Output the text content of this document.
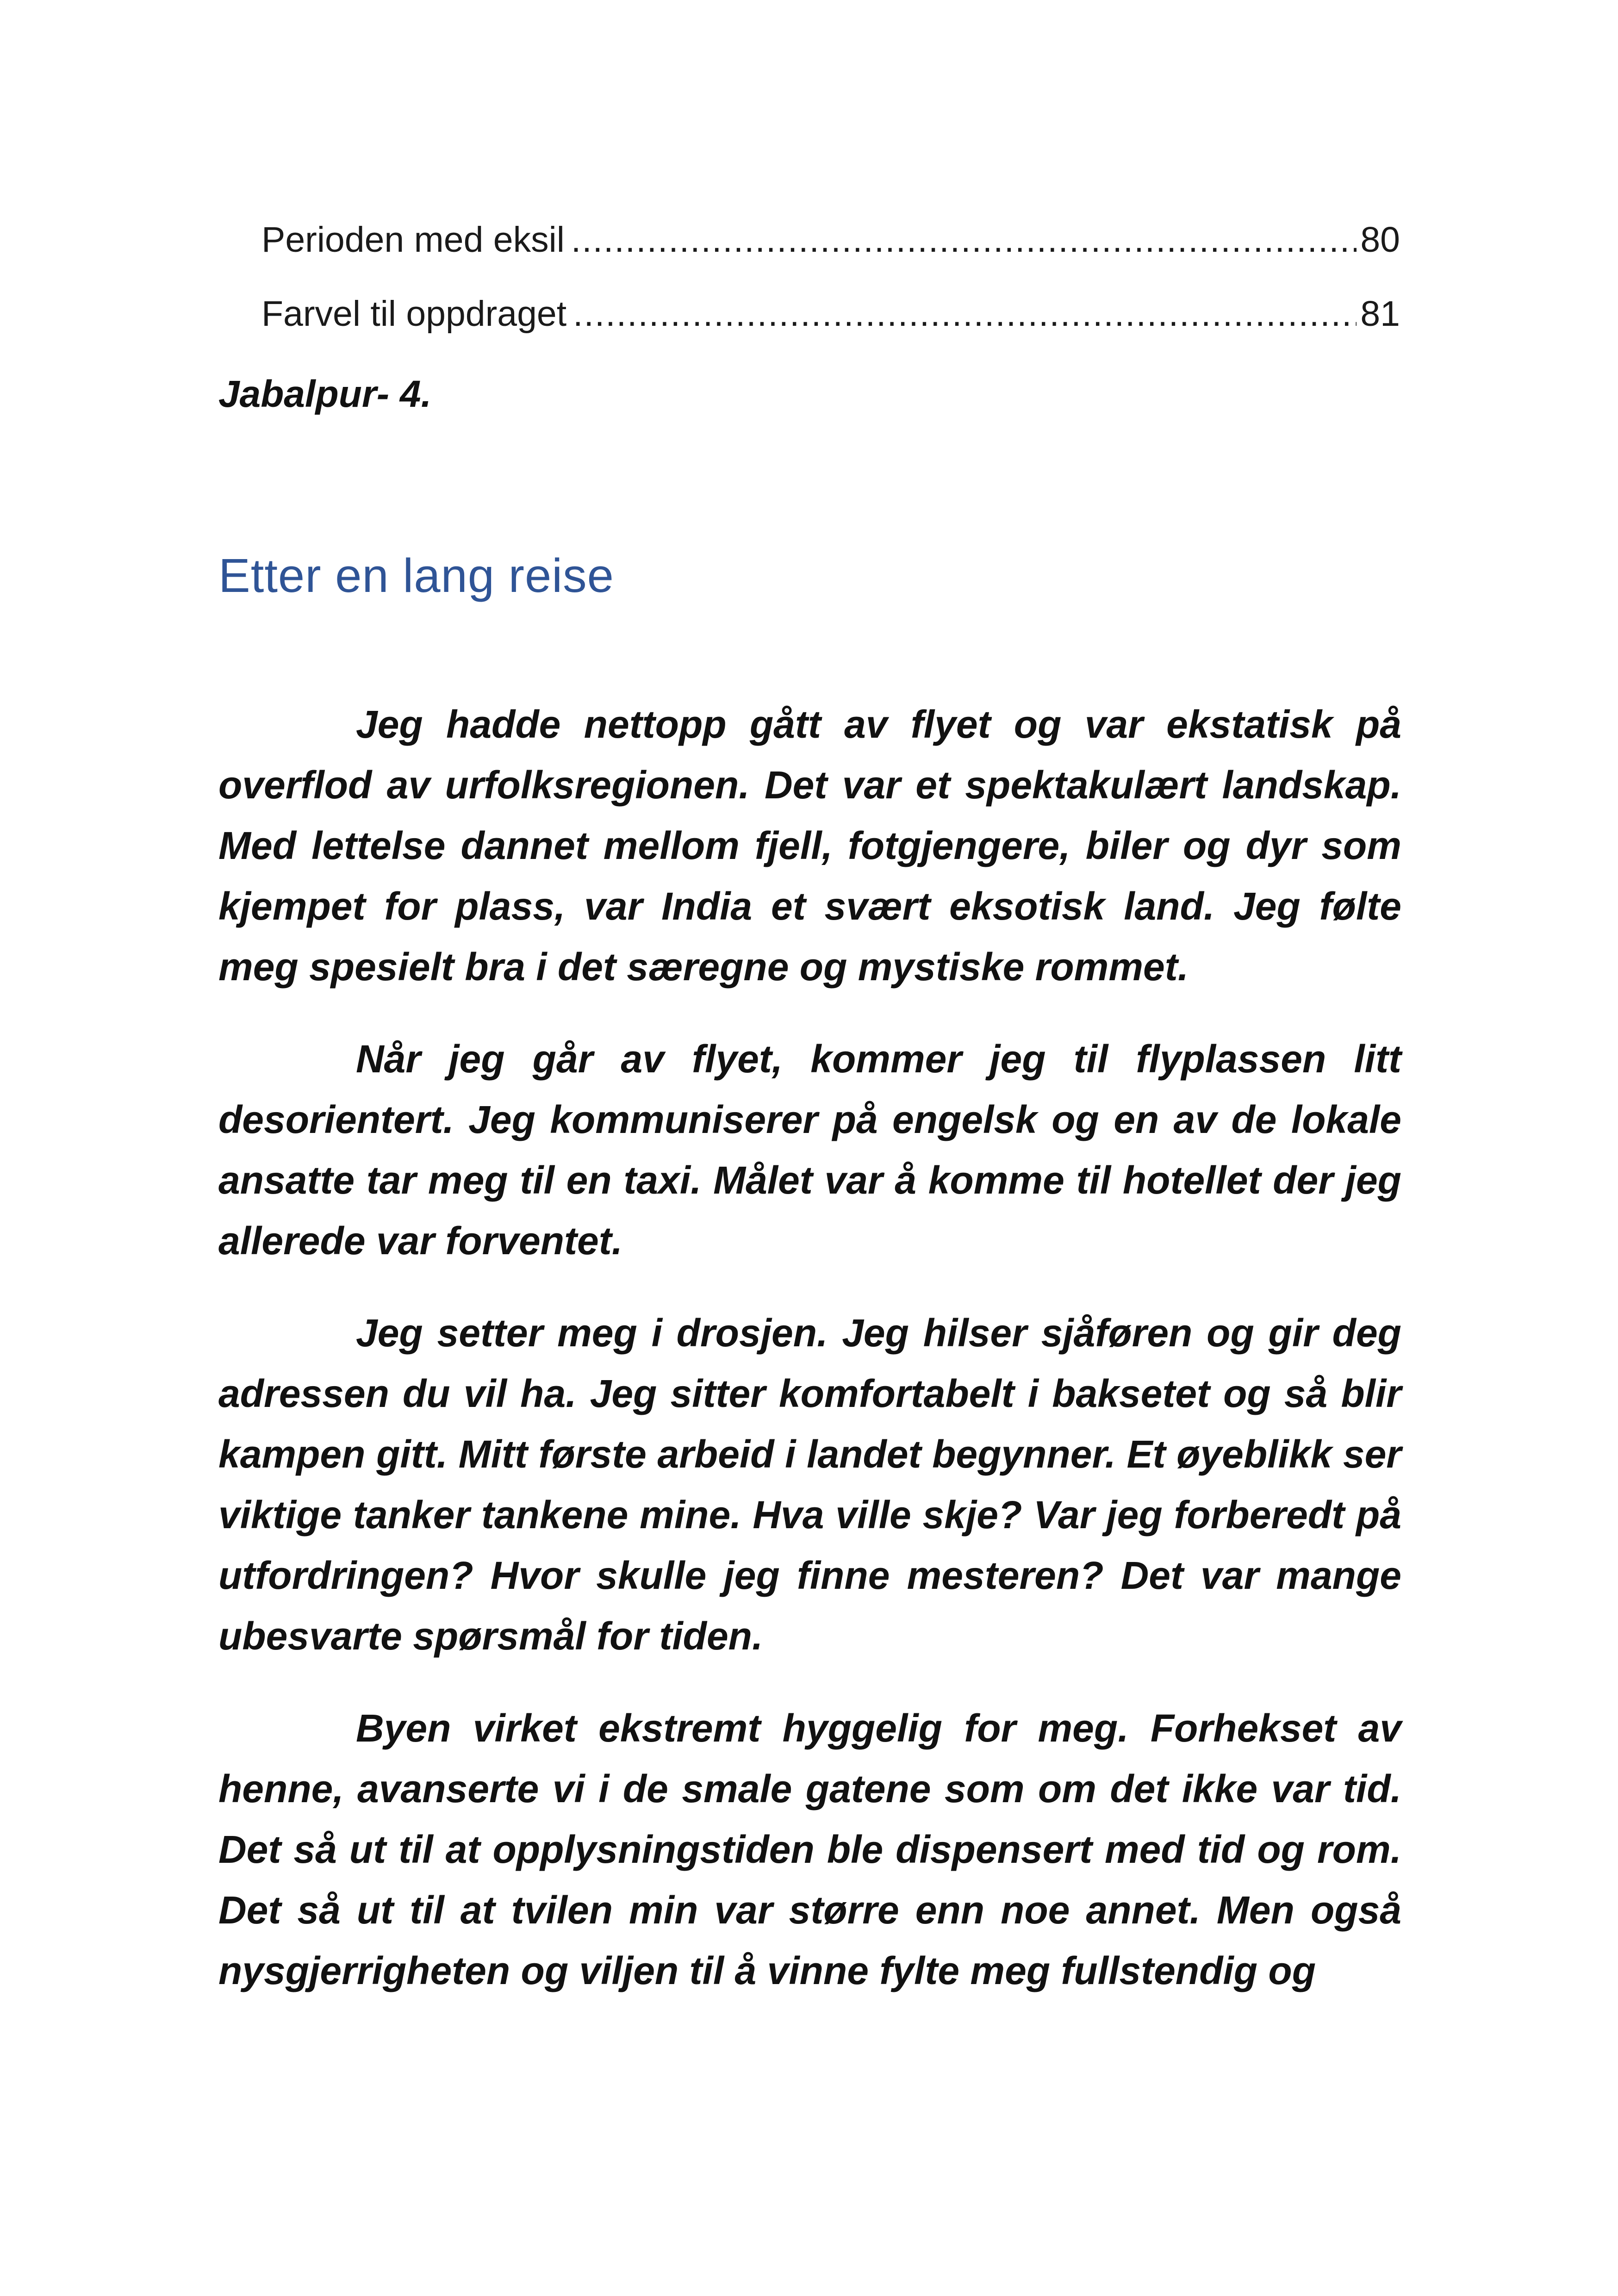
Perioden med eksil .....	80
Farvel til oppdraget .....	81
Jabalpur- 4.
Etter en lang reise

Jeg hadde nettopp gått av flyet og var ekstatisk på overflod av urfolksregionen. Det var et spektakulært landskap. Med lettelse dannet mellom fjell, fotgjengere, biler og dyr som kjempet for plass, var India et svært eksotisk land. Jeg følte meg spesielt bra i det særegne og mystiske rommet.

Når jeg går av flyet, kommer jeg til flyplassen litt desorientert. Jeg kommuniserer på engelsk og en av de lokale ansatte tar meg til en taxi. Målet var å komme til hotellet der jeg allerede var forventet.

Jeg setter meg i drosjen. Jeg hilser sjåføren og gir deg adressen du vil ha. Jeg sitter komfortabelt i baksetet og så blir kampen gitt. Mitt første arbeid i landet begynner. Et øyeblikk ser viktige tanker tankene mine. Hva ville skje? Var jeg forberedt på utfordringen? Hvor skulle jeg finne mesteren? Det var mange ubesvarte spørsmål for tiden.

Byen virket ekstremt hyggelig for meg. Forhekset av henne, avanserte vi i de smale gatene som om det ikke var tid. Det så ut til at opplysningstiden ble dispensert med tid og rom. Det så ut til at tvilen min var større enn noe annet. Men også nysgjerrigheten og viljen til å vinne fylte meg fullstendig og
